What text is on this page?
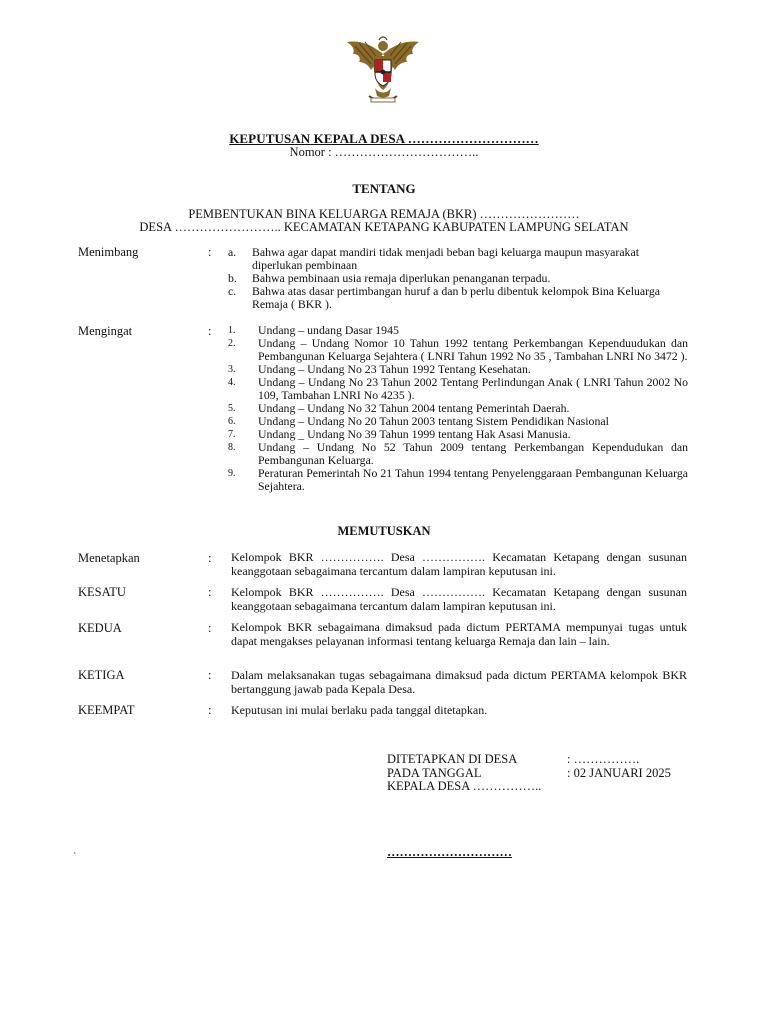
KEPUTUSAN KEPALA DESA …………………………
Nomor : ……………………………..
TENTANG
PEMBENTUKAN BINA KELUARGA REMAJA (BKR) ……………………
DESA …………………….. KECAMATAN KETAPANG KABUPATEN LAMPUNG SELATAN
Menimbang	: a.	Bahwa agar dapat mandiri tidak menjadi beban bagi keluarga maupun masyarakat diperlukan pembinaan
b.	Bahwa pembinaan usia remaja diperlukan penanganan terpadu.
c.	Bahwa atas dasar pertimbangan huruf a dan b perlu dibentuk kelompok Bina Keluarga Remaja ( BKR ).
Mengingat	: 1.	Undang – undang Dasar 1945
2.	Undang – Undang Nomor 10 Tahun 1992 tentang Perkembangan Kependuudukan dan Pembangunan Keluarga Sejahtera ( LNRI Tahun 1992 No 35 , Tambahan LNRI No 3472 ).
3.	Undang – Undang No 23 Tahun 1992 Tentang Kesehatan.
4.	Undang – Undang No 23 Tahun 2002 Tentang Perlindungan Anak ( LNRI Tahun 2002 No 109, Tambahan LNRI No 4235 ).
5.	Undang – Undang No 32 Tahun 2004 tentang Pemerintah Daerah.
6.	Undang – Undang No 20 Tahun 2003 tentang Sistem Pendidikan Nasional
7.	Undang _ Undang No 39 Tahun 1999 tentang Hak Asasi Manusia.
8.	Undang – Undang No 52 Tahun 2009 tentang Perkembangan Kependudukan dan Pembangunan Keluarga.
9.	Peraturan Pemerintah No 21 Tahun 1994 tentang Penyelenggaraan Pembangunan Keluarga Sejahtera.
MEMUTUSKAN
Menetapkan	: Kelompok BKR ……………. Desa ……………. Kecamatan Ketapang dengan susunan keanggotaan sebagaimana tercantum dalam lampiran keputusan ini.
KESATU	: Kelompok BKR ……………. Desa ……………. Kecamatan Ketapang dengan susunan keanggotaan sebagaimana tercantum dalam lampiran keputusan ini.
KEDUA	: Kelompok BKR sebagaimana dimaksud pada dictum PERTAMA mempunyai tugas untuk dapat mengakses pelayanan informasi tentang keluarga Remaja dan lain – lain.
KETIGA	: Dalam melaksanakan tugas sebagaimana dimaksud pada dictum PERTAMA kelompok BKR bertanggung jawab pada Kepala Desa.
KEEMPAT	: Keputusan ini mulai berlaku pada tanggal ditetapkan.
DITETAPKAN DI DESA	: …………….
PADA TANGGAL	: 02 JANUARI 2025
KEPALA DESA ……………..
…………………………
`
